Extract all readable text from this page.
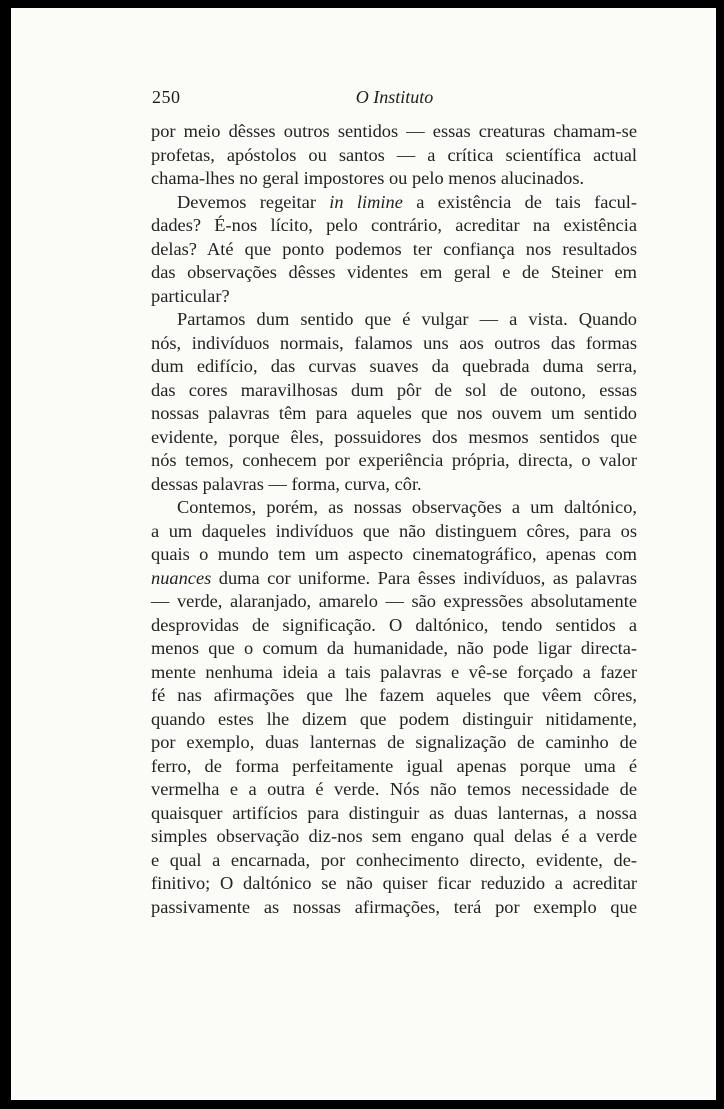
250	O Instituto
por meio dêsses outros sentidos — essas creaturas chamam-se
profetas, apóstolos ou santos — a crítica scientífica actual
chama-lhes no geral impostores ou pelo menos alucinados.
Devemos regeitar in limine a existência de tais facul-
dades? É-nos lícito, pelo contrário, acreditar na existência
delas? Até que ponto podemos ter confiança nos resultados
das observações dêsses videntes em geral e de Steiner em
particular?
Partamos dum sentido que é vulgar — a vista. Quando
nós, indivíduos normais, falamos uns aos outros das formas
dum edifício, das curvas suaves da quebrada duma serra,
das cores maravilhosas dum pôr de sol de outono, essas
nossas palavras têm para aqueles que nos ouvem um sentido
evidente, porque êles, possuidores dos mesmos sentidos que
nós temos, conhecem por experiência própria, directa, o valor
dessas palavras — forma, curva, côr.
Contemos, porém, as nossas observações a um daltónico,
a um daqueles indivíduos que não distinguem côres, para os
quais o mundo tem um aspecto cinematográfico, apenas com
nuances duma cor uniforme. Para êsses indivíduos, as palavras
— verde, alaranjado, amarelo — são expressões absolutamente
desprovidas de significação. O daltónico, tendo sentidos a
menos que o comum da humanidade, não pode ligar directa-
mente nenhuma ideia a tais palavras e vê-se forçado a fazer
fé nas afirmações que lhe fazem aqueles que vêem côres,
quando estes lhe dizem que podem distinguir nitidamente,
por exemplo, duas lanternas de signalização de caminho de
ferro, de forma perfeitamente igual apenas porque uma é
vermelha e a outra é verde. Nós não temos necessidade de
quaisquer artifícios para distinguir as duas lanternas, a nossa
simples observação diz-nos sem engano qual delas é a verde
e qual a encarnada, por conhecimento directo, evidente, de-
finitivo; O daltónico se não quiser ficar reduzido a acreditar
passivamente as nossas afirmações, terá por exemplo que
